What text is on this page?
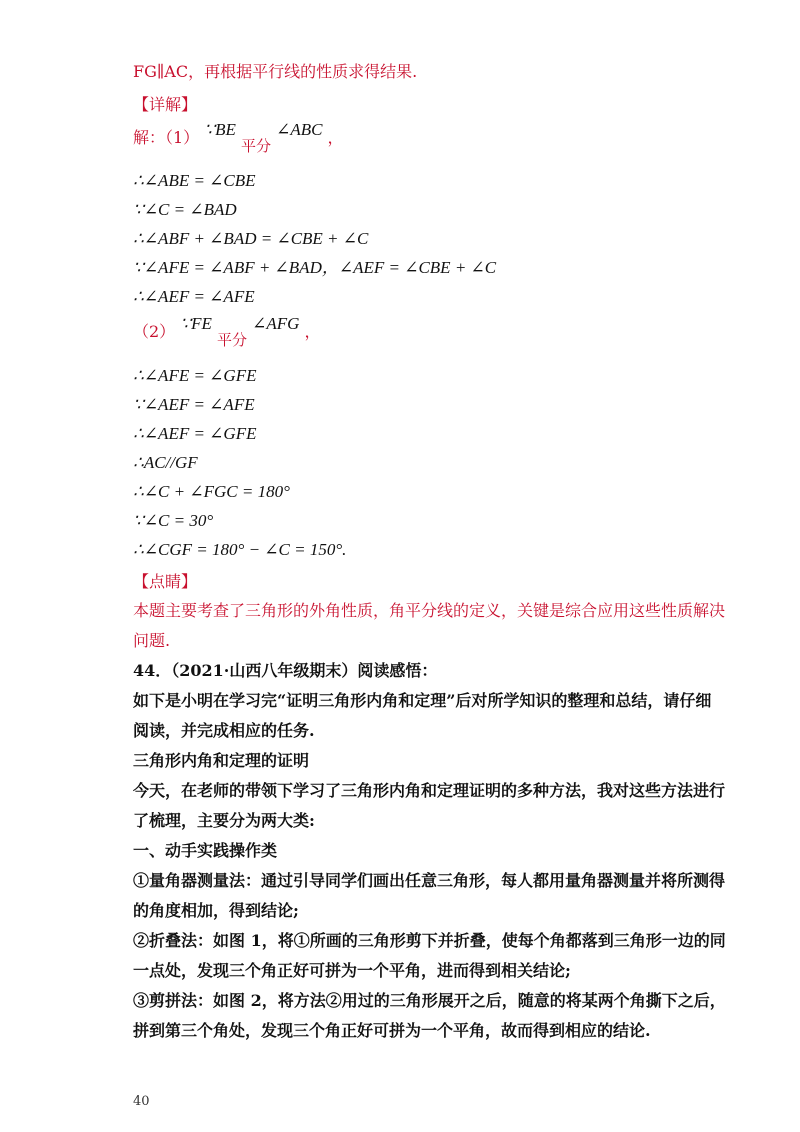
FG∥AC，再根据平行线的性质求得结果.
【详解】
解：（1） ∵BE 平分 ∠ABC ，
∴∠ABE = ∠CBE
∵∠C = ∠BAD
∴∠ABF + ∠BAD = ∠CBE + ∠C
∵∠AFE = ∠ABF + ∠BAD，∠AEF = ∠CBE + ∠C
∴∠AEF = ∠AFE
（2） ∵FE 平分 ∠AFG ，
∴∠AFE = ∠GFE
∵∠AEF = ∠AFE
∴∠AEF = ∠GFE
∴AC//GF
∴∠C + ∠FGC = 180°
∵∠C = 30°
∴∠CGF = 180° − ∠C = 150°.
【点睛】
本题主要考查了三角形的外角性质，角平分线的定义，关键是综合应用这些性质解决
问题.
44．（2021·山西八年级期末）阅读感悟：
如下是小明在学习完“证明三角形内角和定理”后对所学知识的整理和总结，请仔细
阅读，并完成相应的任务.
三角形内角和定理的证明
今天，在老师的带领下学习了三角形内角和定理证明的多种方法，我对这些方法进行
了梳理，主要分为两大类:
一、动手实践操作类
①量角器测量法：通过引导同学们画出任意三角形，每人都用量角器测量并将所测得
的角度相加，得到结论;
②折叠法：如图 1，将①所画的三角形剪下并折叠，使每个角都落到三角形一边的同
一点处，发现三个角正好可拼为一个平角，进而得到相关结论;
③剪拼法：如图 2，将方法②用过的三角形展开之后，随意的将某两个角撕下之后，
拼到第三个角处，发现三个角正好可拼为一个平角，故而得到相应的结论.
40
